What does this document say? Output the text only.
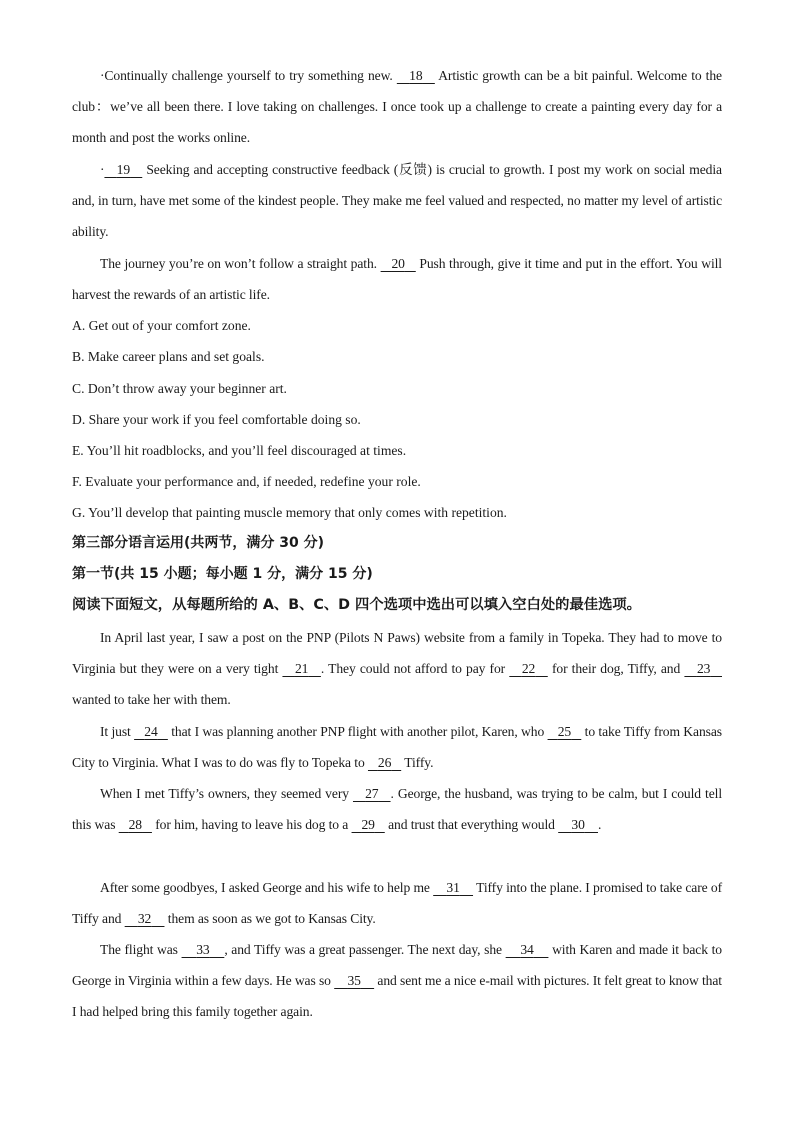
·Continually challenge yourself to try something new. 18 Artistic growth can be a bit painful. Welcome to the club：we’ve all been there. I love taking on challenges. I once took up a challenge to create a painting every day for a month and post the works online.

· 19 Seeking and accepting constructive feedback (反馈) is crucial to growth. I post my work on social media and, in turn, have met some of the kindest people. They make me feel valued and respected, no matter my level of artistic ability.

The journey you’re on won’t follow a straight path. 20 Push through, give it time and put in the effort. You will harvest the rewards of an artistic life.

A. Get out of your comfort zone.

B. Make career plans and set goals.

C. Don’t throw away your beginner art.

D. Share your work if you feel comfortable doing so.

E. You’ll hit roadblocks, and you’ll feel discouraged at times.

F. Evaluate your performance and, if needed, redefine your role.

G. You’ll develop that painting muscle memory that only comes with repetition.

第三部分语言运用(共两节，满分 30 分)

第一节(共 15 小题；每小题 1 分，满分 15 分)

阅读下面短文，从每题所给的 A、B、C、D 四个选项中选出可以填入空白处的最佳选项。

In April last year, I saw a post on the PNP (Pilots N Paws) website from a family in Topeka. They had to move to Virginia but they were on a very tight 21 . They could not afford to pay for 22 for their dog, Tiffy, and 23    wanted to take her with them.

It just 24 that I was planning another PNP flight with another pilot, Karen, who 25 to take Tiffy from Kansas City to Virginia. What I was to do was fly to Topeka to 26 Tiffy.

When I met Tiffy’s owners, they seemed very 27 . George, the husband, was trying to be calm, but I could tell this was 28 for him, having to leave his dog to a 29 and trust that everything would 30 .

After some goodbyes, I asked George and his wife to help me 31 Tiffy into the plane. I promised to take care of Tiffy and 32 them as soon as we got to Kansas City.

The flight was 33 , and Tiffy was a great passenger. The next day, she 34 with Karen and made it back to George in Virginia within a few days. He was so 35 and sent me a nice e-mail with pictures. It felt great to know that I had helped bring this family together again.
